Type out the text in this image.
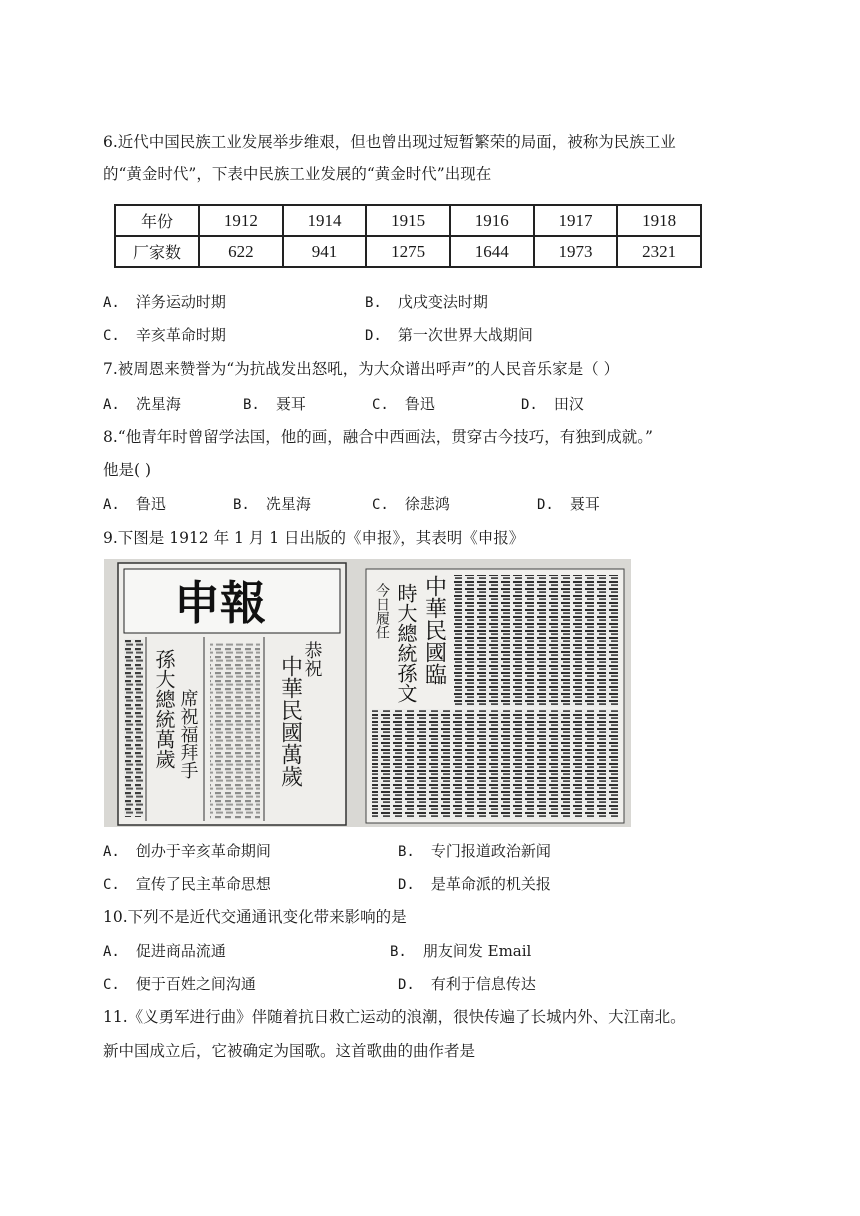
6.近代中国民族工业发展举步维艰，但也曾出现过短暂繁荣的局面，被称为民族工业
的“黄金时代”，下表中民族工业发展的“黄金时代”出现在
年份	1912	1914	1915	1916	1917	1918
厂家数	622	941	1275	1644	1973	2321
A. 洋务运动时期	B. 戊戌变法时期
C. 辛亥革命时期	D. 第一次世界大战期间
7.被周恩来赞誉为“为抗战发出怒吼，为大众谱出呼声”的人民音乐家是（ ）
A. 冼星海	B. 聂耳	C. 鲁迅	D. 田汉
8.“他青年时曾留学法国，他的画，融合中西画法，贯穿古今技巧，有独到成就。”
他是( )
A. 鲁迅	B. 冼星海	C. 徐悲鸿	D. 聂耳
9.下图是 1912 年 1 月 1 日出版的《申报》，其表明《申报》
申報
孫大總統萬歲 席祝福拜手
恭祝
中華民國萬歲
中華民國臨
時大總統孫文
今日履任
A. 创办于辛亥革命期间	B. 专门报道政治新闻
C. 宣传了民主革命思想	D. 是革命派的机关报
10.下列不是近代交通通讯变化带来影响的是
A. 促进商品流通	B. 朋友间发 Email
C. 便于百姓之间沟通	D. 有利于信息传达
11.《义勇军进行曲》伴随着抗日救亡运动的浪潮，很快传遍了长城内外、大江南北。
新中国成立后，它被确定为国歌。这首歌曲的曲作者是
